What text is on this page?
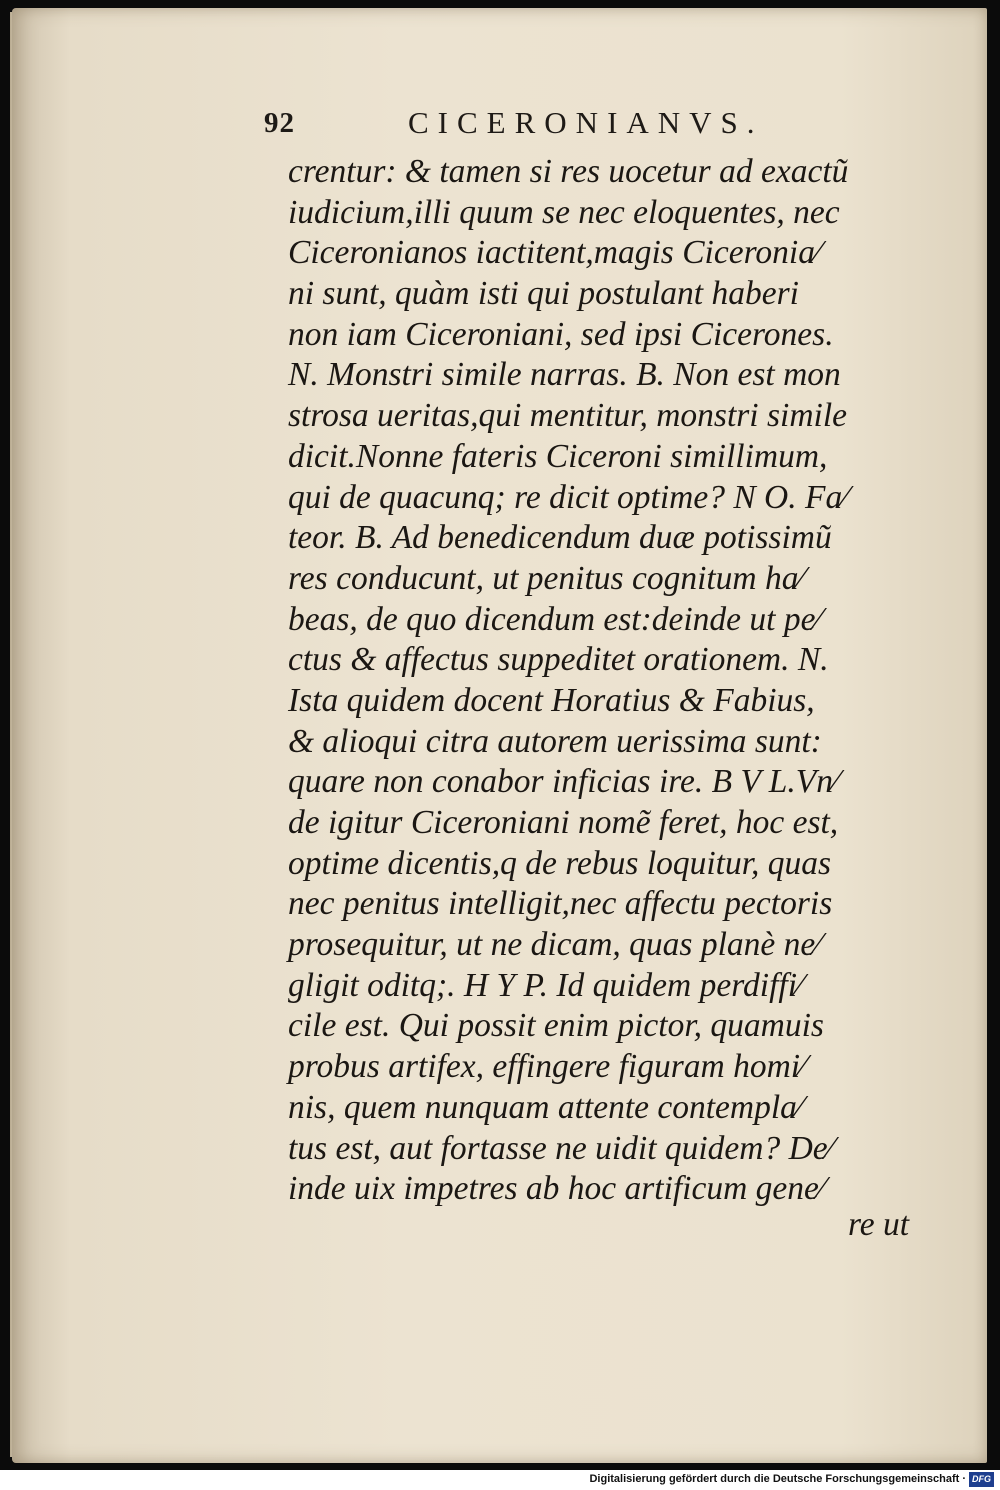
92	CICERONIANVS.
crentur: & tamen si res uocetur ad exactũ
iudicium,illi quum se nec eloquentes, nec
Ciceronianos iactitent,magis Ciceronia⁄
ni sunt, quàm isti qui postulant haberi
non iam Ciceroniani, sed ipsi Cicerones.
N. Monstri simile narras. B. Non est mon
strosa ueritas,qui mentitur, monstri simile
dicit.Nonne fateris Ciceroni simillimum,
qui de quacunq; re dicit optime? N O. Fa⁄
teor. B. Ad benedicendum duæ potissimũ
res conducunt, ut penitus cognitum ha⁄
beas, de quo dicendum est:deinde ut pe⁄
ctus & affectus suppeditet orationem. N.
Ista quidem docent Horatius & Fabius,
& alioqui citra autorem uerissima sunt:
quare non conabor inficias ire. B V L.Vn⁄
de igitur Ciceroniani nomẽ feret, hoc est,
optime dicentis,q de rebus loquitur, quas
nec penitus intelligit,nec affectu pectoris
prosequitur, ut ne dicam, quas planè ne⁄
gligit oditq;. H Y P. Id quidem perdiffi⁄
cile est. Qui possit enim pictor, quamuis
probus artifex, effingere figuram homi⁄
nis, quem nunquam attente contempla⁄
tus est, aut fortasse ne uidit quidem? De⁄
inde uix impetres ab hoc artificum gene⁄
re ut
Digitalisierung gefördert durch die Deutsche Forschungsgemeinschaft · DFG
